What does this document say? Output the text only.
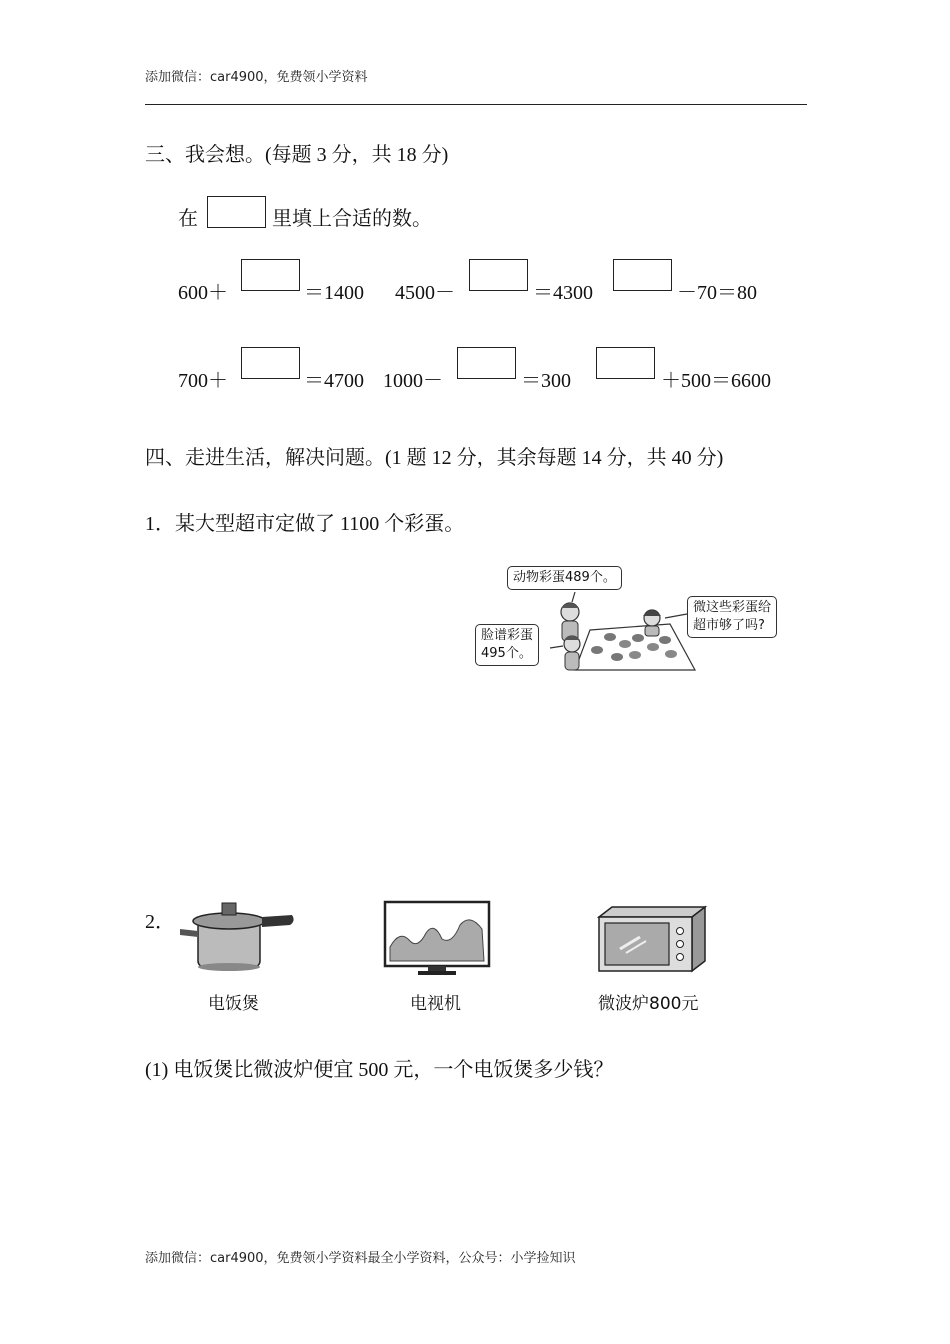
添加微信：car4900，免费领小学资料
三、我会想。(每题 3 分，共 18 分)
在	里填上合适的数。
600＋	＝1400 4500－	＝4300	－70＝80
700＋	＝4700 1000－	＝300	＋500＝6600
四、走进生活，解决问题。(1 题 12 分，其余每题 14 分，共 40 分)
1．某大型超市定做了 1100 个彩蛋。
动物彩蛋489个。
脸谱彩蛋
495个。
微这些彩蛋给
超市够了吗?
2．
电饭煲	电视机	微波炉800元
(1) 电饭煲比微波炉便宜 500 元，一个电饭煲多少钱？
添加微信：car4900，免费领小学资料最全小学资料，公众号：小学捡知识
